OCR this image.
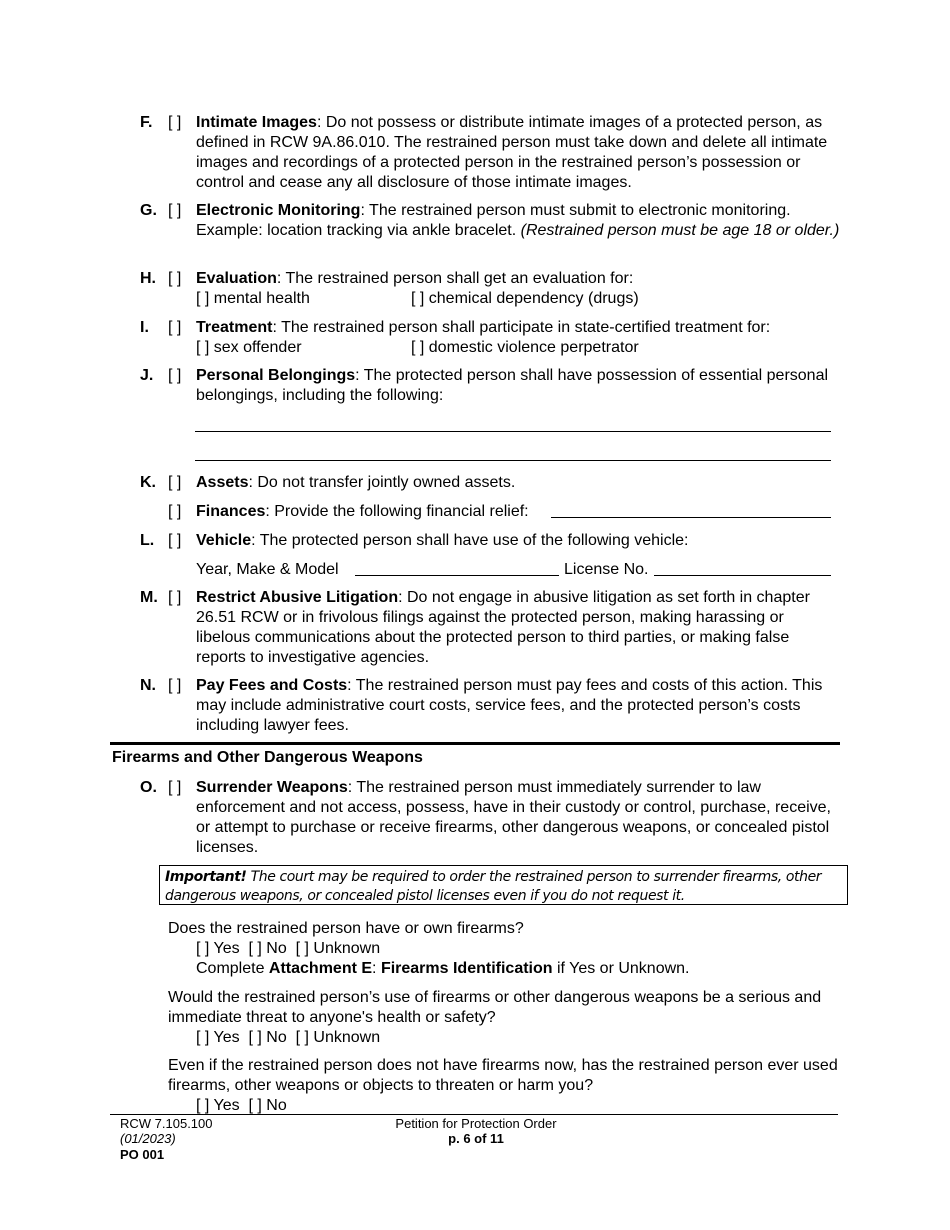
F. [ ] Intimate Images: Do not possess or distribute intimate images of a protected person, as defined in RCW 9A.86.010. The restrained person must take down and delete all intimate images and recordings of a protected person in the restrained person’s possession or control and cease any all disclosure of those intimate images.
G. [ ] Electronic Monitoring: The restrained person must submit to electronic monitoring. Example: location tracking via ankle bracelet. (Restrained person must be age 18 or older.)
H. [ ] Evaluation: The restrained person shall get an evaluation for:
[ ] mental health	[ ] chemical dependency (drugs)
I. [ ] Treatment: The restrained person shall participate in state-certified treatment for:
[ ] sex offender	[ ] domestic violence perpetrator
J. [ ] Personal Belongings: The protected person shall have possession of essential personal belongings, including the following:
K. [ ] Assets: Do not transfer jointly owned assets.
[ ] Finances: Provide the following financial relief:
L. [ ] Vehicle: The protected person shall have use of the following vehicle:
Year, Make & Model	License No.
M. [ ] Restrict Abusive Litigation: Do not engage in abusive litigation as set forth in chapter 26.51 RCW or in frivolous filings against the protected person, making harassing or libelous communications about the protected person to third parties, or making false reports to investigative agencies.
N. [ ] Pay Fees and Costs: The restrained person must pay fees and costs of this action. This may include administrative court costs, service fees, and the protected person’s costs including lawyer fees.
Firearms and Other Dangerous Weapons
O. [ ] Surrender Weapons: The restrained person must immediately surrender to law enforcement and not access, possess, have in their custody or control, purchase, receive, or attempt to purchase or receive firearms, other dangerous weapons, or concealed pistol licenses.
Important! The court may be required to order the restrained person to surrender firearms, other dangerous weapons, or concealed pistol licenses even if you do not request it.
Does the restrained person have or own firearms?
[ ] Yes  [ ] No  [ ] Unknown
Complete Attachment E: Firearms Identification if Yes or Unknown.
Would the restrained person’s use of firearms or other dangerous weapons be a serious and immediate threat to anyone's health or safety?
[ ] Yes  [ ] No  [ ] Unknown
Even if the restrained person does not have firearms now, has the restrained person ever used firearms, other weapons or objects to threaten or harm you?
[ ] Yes  [ ] No
RCW 7.105.100
(01/2023)
PO 001
Petition for Protection Order
p. 6 of 11
